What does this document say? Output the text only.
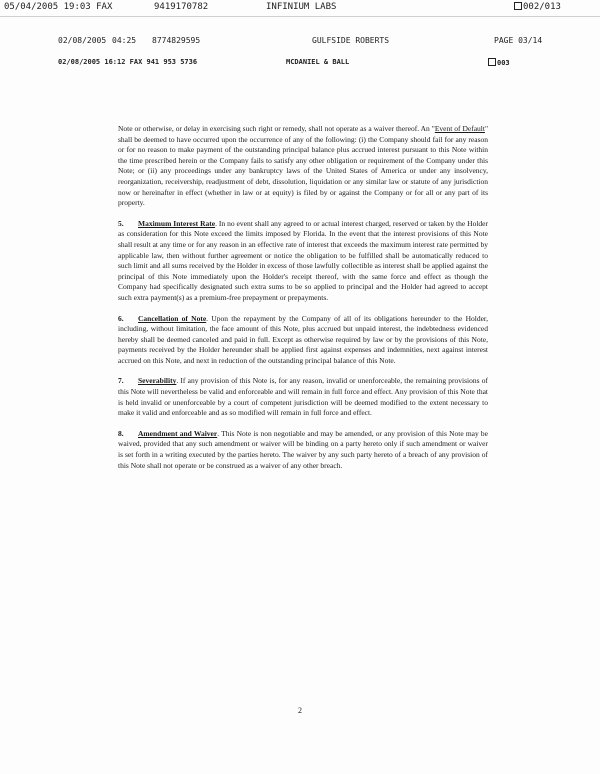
05/04/2005 19:03 FAX	9419170782	INFINIUM LABS	002/013
02/08/2005 04:25 8774829595	GULFSIDE ROBERTS	PAGE 03/14
02/08/2005 16:12 FAX 941 953 5736	MCDANIEL & BALL	003

Note or otherwise, or delay in exercising such right or remedy, shall not operate as a waiver thereof. An "Event of Default" shall be deemed to have occurred upon the occurrence of any of the following: (i) the Company should fail for any reason or for no reason to make payment of the outstanding principal balance plus accrued interest pursuant to this Note within the time prescribed herein or the Company fails to satisfy any other obligation or requirement of the Company under this Note; or (ii) any proceedings under any bankruptcy laws of the United States of America or under any insolvency, reorganization, receivership, readjustment of debt, dissolution, liquidation or any similar law or statute of any jurisdiction now or hereinafter in effect (whether in law or at equity) is filed by or against the Company or for all or any part of its property.

5. Maximum Interest Rate. In no event shall any agreed to or actual interest charged, reserved or taken by the Holder as consideration for this Note exceed the limits imposed by Florida. In the event that the interest provisions of this Note shall result at any time or for any reason in an effective rate of interest that exceeds the maximum interest rate permitted by applicable law, then without further agreement or notice the obligation to be fulfilled shall be automatically reduced to such limit and all sums received by the Holder in excess of those lawfully collectible as interest shall be applied against the principal of this Note immediately upon the Holder's receipt thereof, with the same force and effect as though the Company had specifically designated such extra sums to be so applied to principal and the Holder had agreed to accept such extra payment(s) as a premium-free prepayment or prepayments.

6. Cancellation of Note. Upon the repayment by the Company of all of its obligations hereunder to the Holder, including, without limitation, the face amount of this Note, plus accrued but unpaid interest, the indebtedness evidenced hereby shall be deemed canceled and paid in full. Except as otherwise required by law or by the provisions of this Note, payments received by the Holder hereunder shall be applied first against expenses and indemnities, next against interest accrued on this Note, and next in reduction of the outstanding principal balance of this Note.

7. Severability. If any provision of this Note is, for any reason, invalid or unenforceable, the remaining provisions of this Note will nevertheless be valid and enforceable and will remain in full force and effect. Any provision of this Note that is held invalid or unenforceable by a court of competent jurisdiction will be deemed modified to the extent necessary to make it valid and enforceable and as so modified will remain in full force and effect.

8. Amendment and Waiver. This Note is non negotiable and may be amended, or any provision of this Note may be waived, provided that any such amendment or waiver will be binding on a party hereto only if such amendment or waiver is set forth in a writing executed by the parties hereto. The waiver by any such party hereto of a breach of any provision of this Note shall not operate or be construed as a waiver of any other breach.

2
